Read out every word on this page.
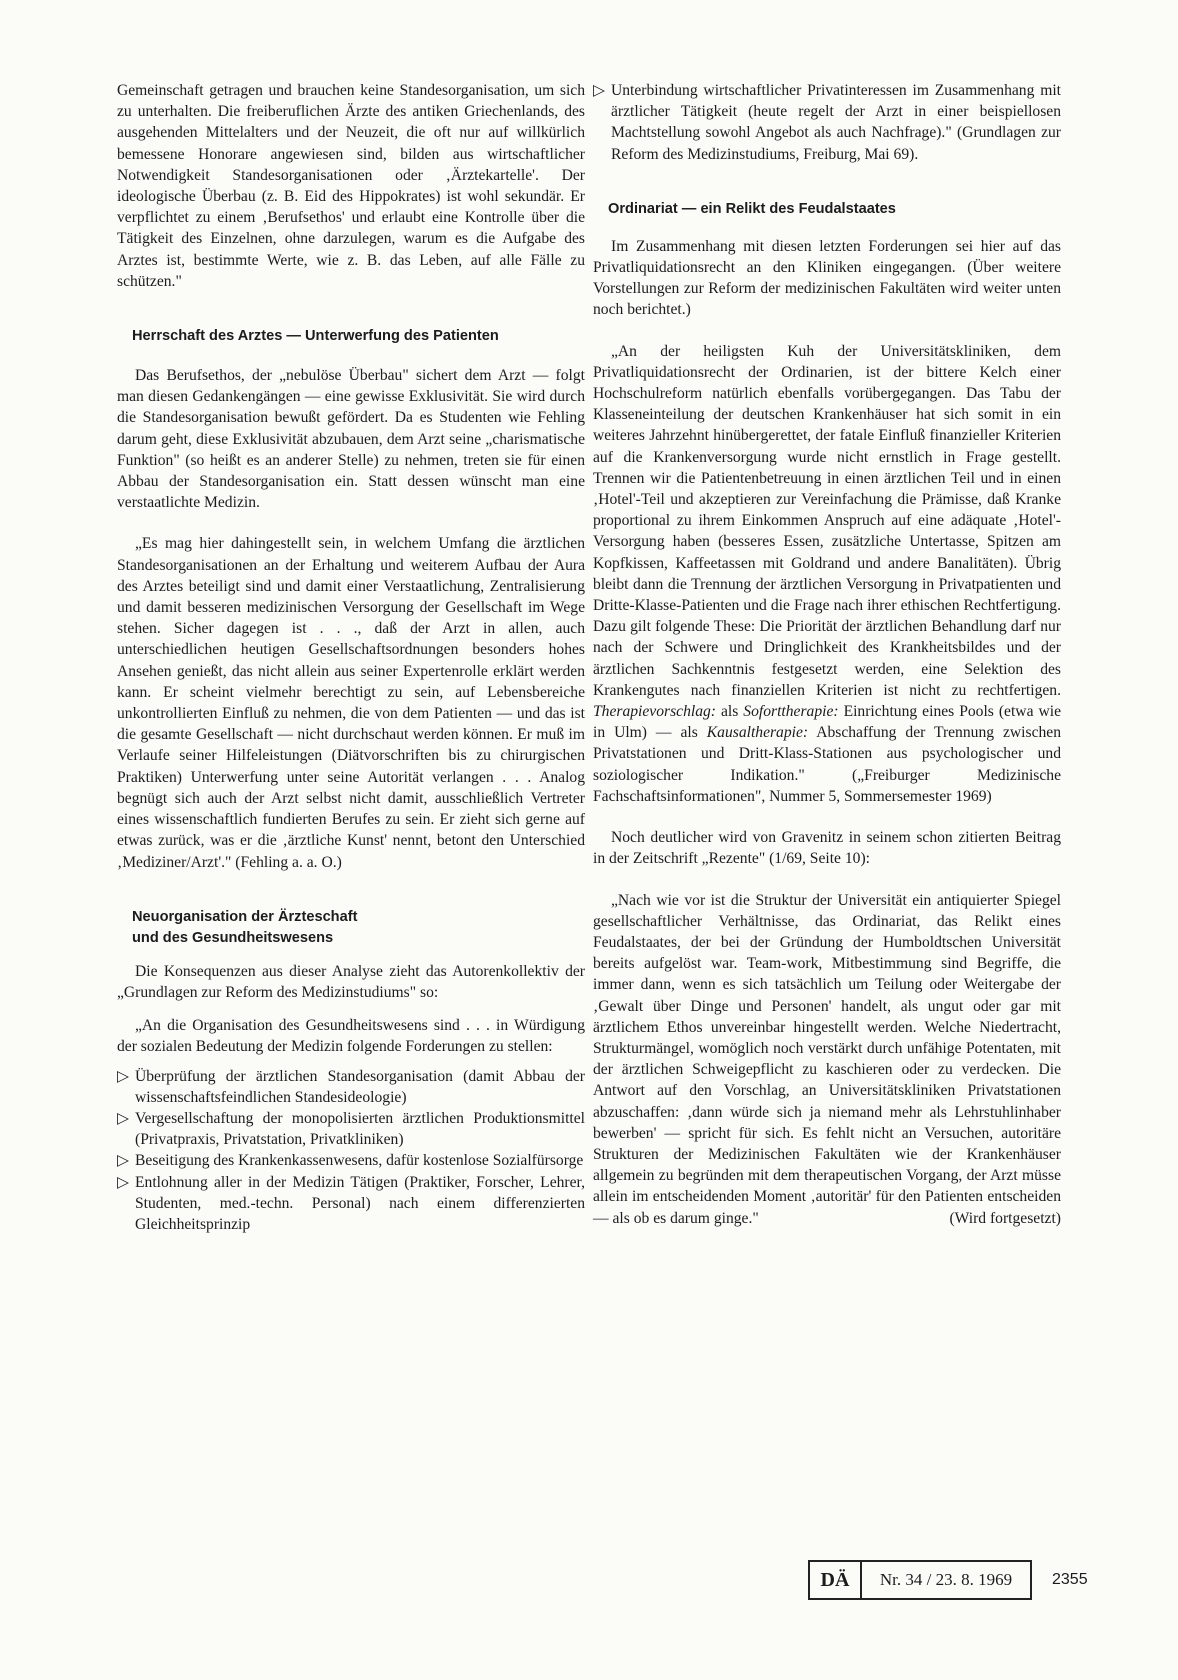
Gemeinschaft getragen und brauchen keine Standesorganisation, um sich zu unterhalten. Die freiberuflichen Ärzte des antiken Griechenlands, des ausgehenden Mittelalters und der Neuzeit, die oft nur auf willkürlich bemessene Honorare angewiesen sind, bilden aus wirtschaftlicher Notwendigkeit Standesorganisationen oder ‚Ärztekartelle'. Der ideologische Überbau (z. B. Eid des Hippokrates) ist wohl sekundär. Er verpflichtet zu einem ‚Berufsethos' und erlaubt eine Kontrolle über die Tätigkeit des Einzelnen, ohne darzulegen, warum es die Aufgabe des Arztes ist, bestimmte Werte, wie z. B. das Leben, auf alle Fälle zu schützen."

Herrschaft des Arztes — Unterwerfung des Patienten

Das Berufsethos, der „nebulöse Überbau" sichert dem Arzt — folgt man diesen Gedankengängen — eine gewisse Exklusivität. Sie wird durch die Standesorganisation bewußt gefördert. Da es Studenten wie Fehling darum geht, diese Exklusivität abzubauen, dem Arzt seine „charismatische Funktion" (so heißt es an anderer Stelle) zu nehmen, treten sie für einen Abbau der Standesorganisation ein. Statt dessen wünscht man eine verstaatlichte Medizin.

„Es mag hier dahingestellt sein, in welchem Umfang die ärztlichen Standesorganisationen an der Erhaltung und weiterem Aufbau der Aura des Arztes beteiligt sind und damit einer Verstaatlichung, Zentralisierung und damit besseren medizinischen Versorgung der Gesellschaft im Wege stehen. Sicher dagegen ist . . ., daß der Arzt in allen, auch unterschiedlichen heutigen Gesellschaftsordnungen besonders hohes Ansehen genießt, das nicht allein aus seiner Expertenrolle erklärt werden kann. Er scheint vielmehr berechtigt zu sein, auf Lebensbereiche unkontrollierten Einfluß zu nehmen, die von dem Patienten — und das ist die gesamte Gesellschaft — nicht durchschaut werden können. Er muß im Verlaufe seiner Hilfeleistungen (Diätvorschriften bis zu chirurgischen Praktiken) Unterwerfung unter seine Autorität verlangen . . . Analog begnügt sich auch der Arzt selbst nicht damit, ausschließlich Vertreter eines wissenschaftlich fundierten Berufes zu sein. Er zieht sich gerne auf etwas zurück, was er die ‚ärztliche Kunst' nennt, betont den Unterschied ‚Mediziner/Arzt'." (Fehling a. a. O.)

Neuorganisation der Ärzteschaft
und des Gesundheitswesens

Die Konsequenzen aus dieser Analyse zieht das Autorenkollektiv der „Grundlagen zur Reform des Medizinstudiums" so:

„An die Organisation des Gesundheitswesens sind . . . in Würdigung der sozialen Bedeutung der Medizin folgende Forderungen zu stellen:

▷ Überprüfung der ärztlichen Standesorganisation (damit Abbau der wissenschaftsfeindlichen Standesideologie)
▷ Vergesellschaftung der monopolisierten ärztlichen Produktionsmittel (Privatpraxis, Privatstation, Privatkliniken)
▷ Beseitigung des Krankenkassenwesens, dafür kostenlose Sozialfürsorge
▷ Entlohnung aller in der Medizin Tätigen (Praktiker, Forscher, Lehrer, Studenten, med.-techn. Personal) nach einem differenzierten Gleichheitsprinzip
▷ Unterbindung wirtschaftlicher Privatinteressen im Zusammenhang mit ärztlicher Tätigkeit (heute regelt der Arzt in einer beispiellosen Machtstellung sowohl Angebot als auch Nachfrage)." (Grundlagen zur Reform des Medizinstudiums, Freiburg, Mai 69).
Ordinariat — ein Relikt des Feudalstaates

Im Zusammenhang mit diesen letzten Forderungen sei hier auf das Privatliquidationsrecht an den Kliniken eingegangen. (Über weitere Vorstellungen zur Reform der medizinischen Fakultäten wird weiter unten noch berichtet.)

„An der heiligsten Kuh der Universitätskliniken, dem Privatliquidationsrecht der Ordinarien, ist der bittere Kelch einer Hochschulreform natürlich ebenfalls vorübergegangen. Das Tabu der Klasseneinteilung der deutschen Krankenhäuser hat sich somit in ein weiteres Jahrzehnt hinübergerettet, der fatale Einfluß finanzieller Kriterien auf die Krankenversorgung wurde nicht ernstlich in Frage gestellt. Trennen wir die Patientenbetreuung in einen ärztlichen Teil und in einen ‚Hotel'-Teil und akzeptieren zur Vereinfachung die Prämisse, daß Kranke proportional zu ihrem Einkommen Anspruch auf eine adäquate ‚Hotel'-Versorgung haben (besseres Essen, zusätzliche Untertasse, Spitzen am Kopfkissen, Kaffeetassen mit Goldrand und andere Banalitäten). Übrig bleibt dann die Trennung der ärztlichen Versorgung in Privatpatienten und Dritte-Klasse-Patienten und die Frage nach ihrer ethischen Rechtfertigung. Dazu gilt folgende These: Die Priorität der ärztlichen Behandlung darf nur nach der Schwere und Dringlichkeit des Krankheitsbildes und der ärztlichen Sachkenntnis festgesetzt werden, eine Selektion des Krankengutes nach finanziellen Kriterien ist nicht zu rechtfertigen. Therapievorschlag: als Soforttherapie: Einrichtung eines Pools (etwa wie in Ulm) — als Kausaltherapie: Abschaffung der Trennung zwischen Privatstationen und Dritt-Klass-Stationen aus psychologischer und soziologischer Indikation." („Freiburger Medizinische Fachschaftsinformationen", Nummer 5, Sommersemester 1969)

Noch deutlicher wird von Gravenitz in seinem schon zitierten Beitrag in der Zeitschrift „Rezente" (1/69, Seite 10):

„Nach wie vor ist die Struktur der Universität ein antiquierter Spiegel gesellschaftlicher Verhältnisse, das Ordinariat, das Relikt eines Feudalstaates, der bei der Gründung der Humboldtschen Universität bereits aufgelöst war. Team-work, Mitbestimmung sind Begriffe, die immer dann, wenn es sich tatsächlich um Teilung oder Weitergabe der ‚Gewalt über Dinge und Personen' handelt, als ungut oder gar mit ärztlichem Ethos unvereinbar hingestellt werden. Welche Niedertracht, Strukturmängel, womöglich noch verstärkt durch unfähige Potentaten, mit der ärztlichen Schweigepflicht zu kaschieren oder zu verdecken. Die Antwort auf den Vorschlag, an Universitätskliniken Privatstationen abzuschaffen: ‚dann würde sich ja niemand mehr als Lehrstuhlinhaber bewerben' — spricht für sich. Es fehlt nicht an Versuchen, autoritäre Strukturen der Medizinischen Fakultäten wie der Krankenhäuser allgemein zu begründen mit dem therapeutischen Vorgang, der Arzt müsse allein im entscheidenden Moment ‚autoritär' für den Patienten entscheiden — als ob es darum ginge."	(Wird fortgesetzt)

DÄ	Nr. 34 / 23. 8. 1969	2355
